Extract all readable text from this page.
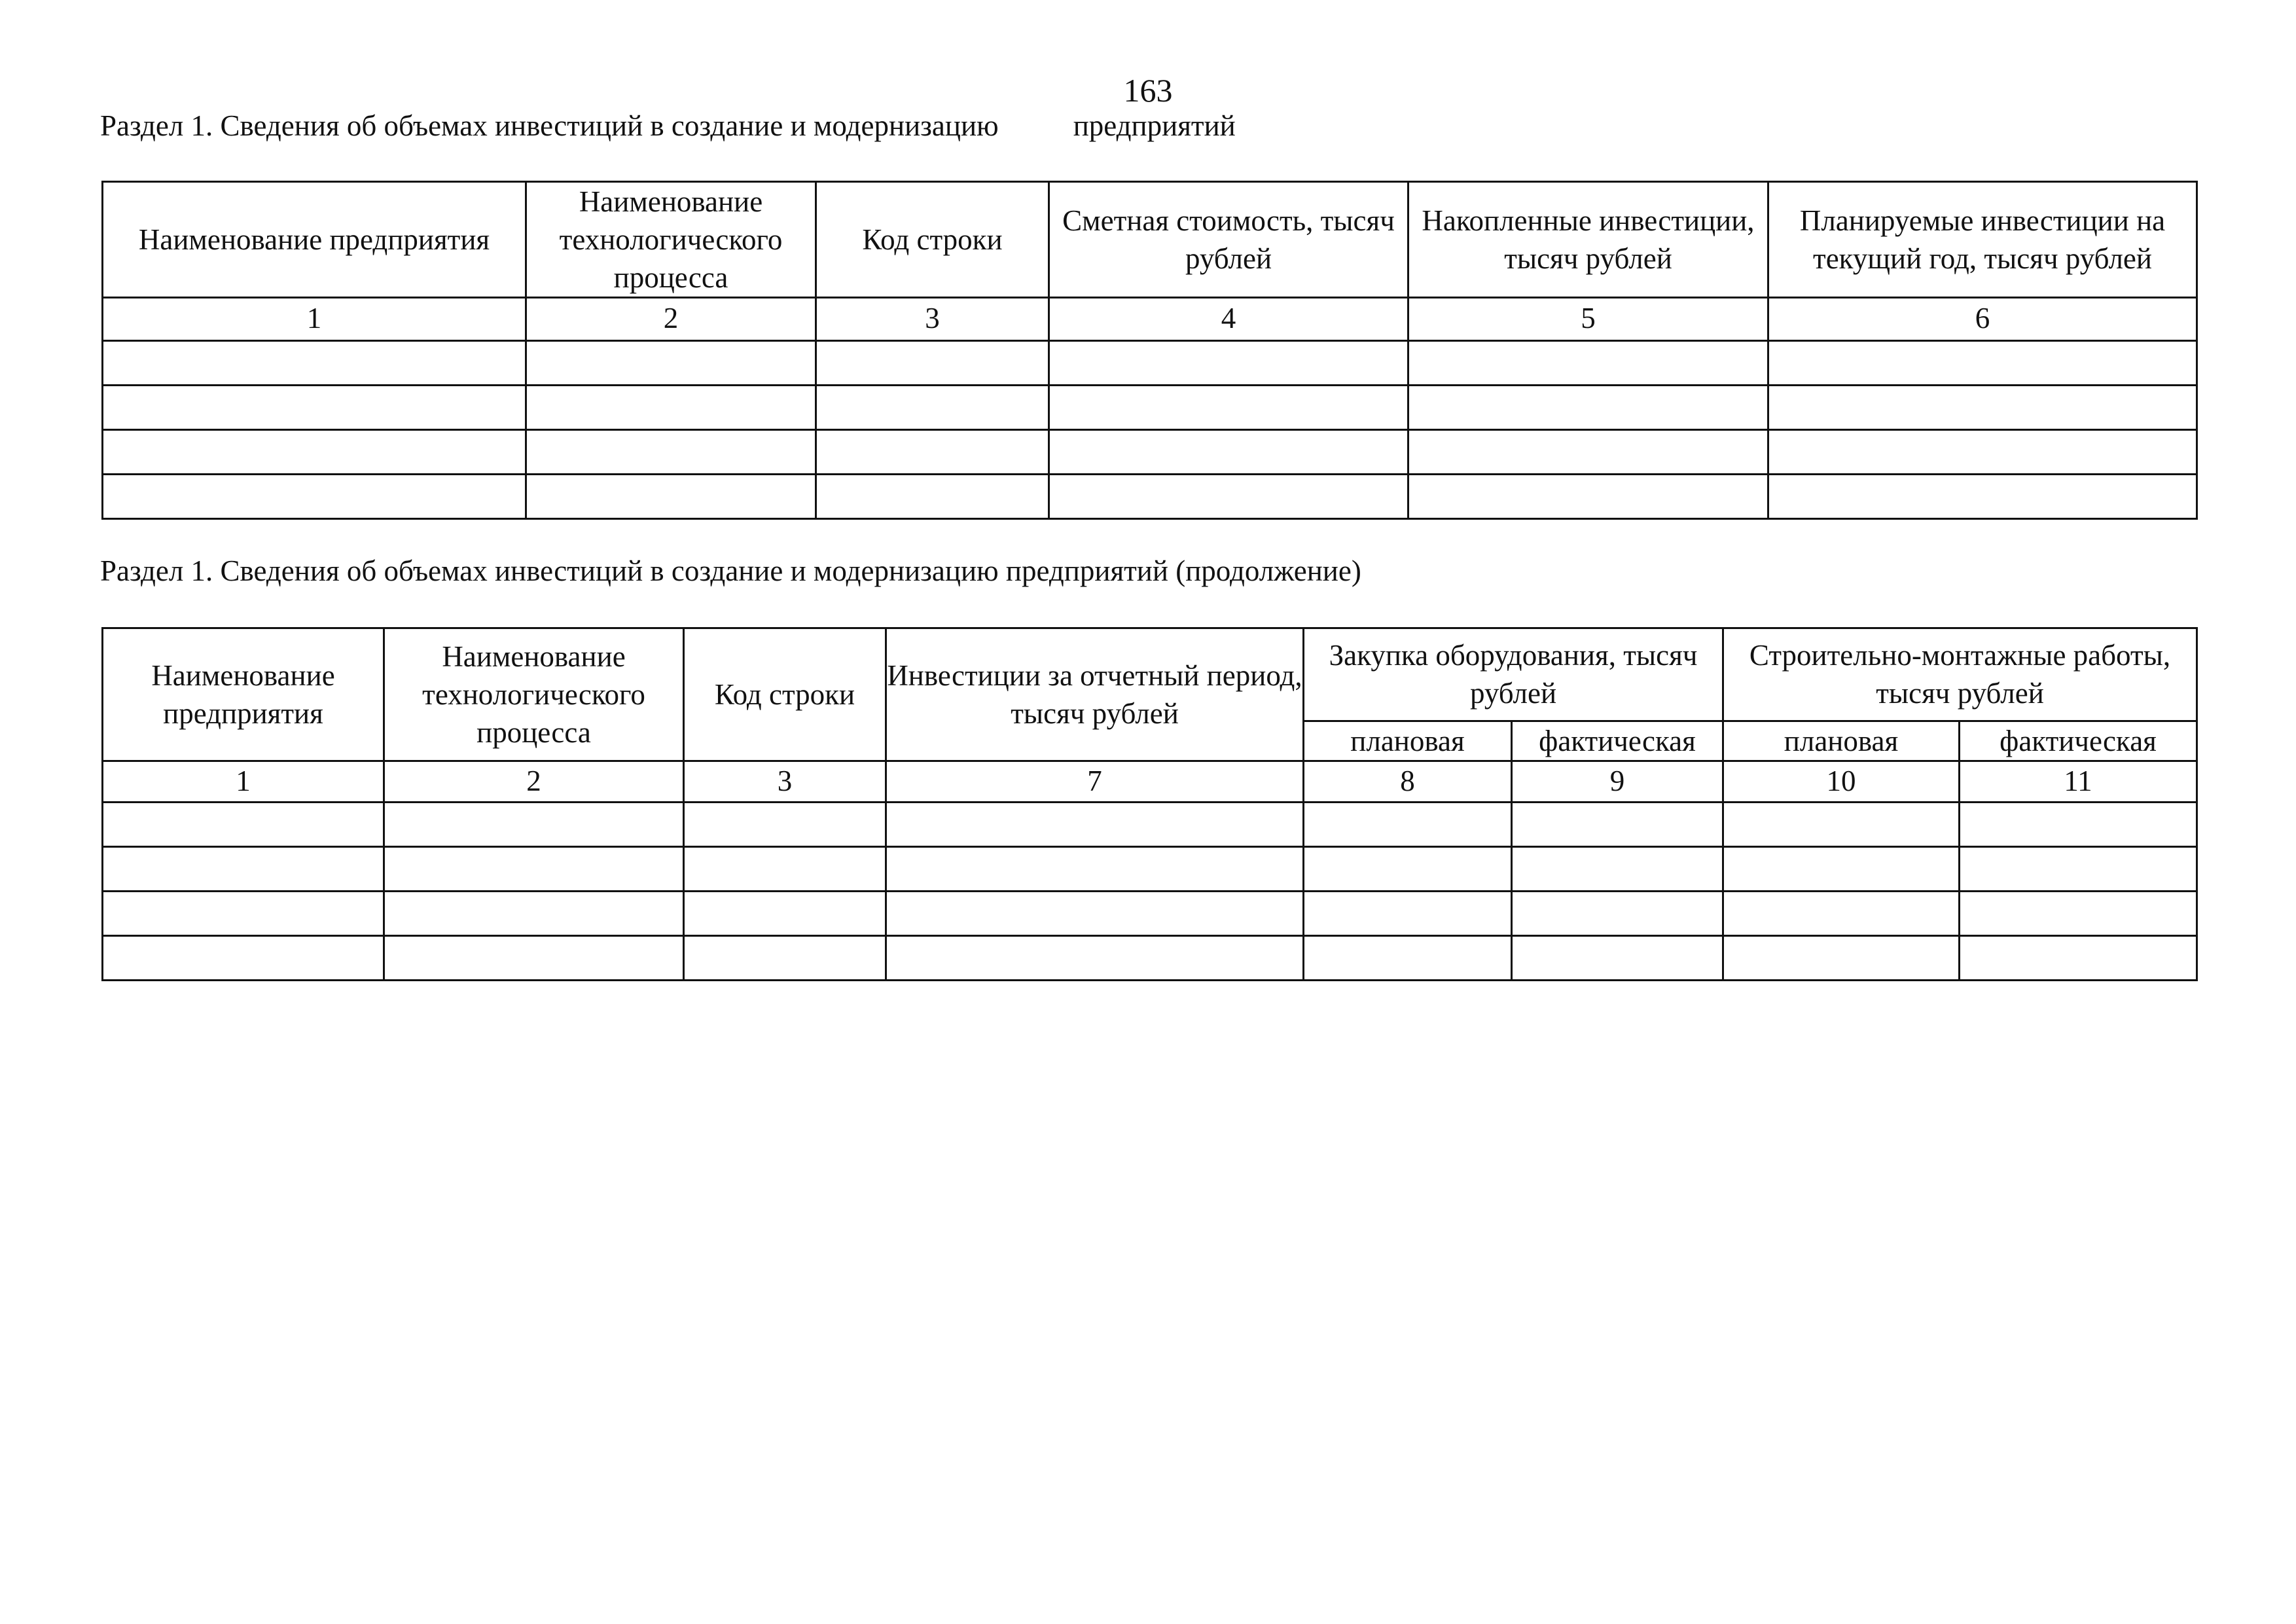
163
Раздел 1. Сведения об объемах инвестиций в создание и модернизацию	предприятий
Наименование предприятия	Наименование технологического процесса	Код строки	Сметная стоимость, тысяч рублей	Накопленные инвестиции, тысяч рублей	Планируемые инвестиции на текущий год, тысяч рублей
1	2	3	4	5	6

Раздел 1. Сведения об объемах инвестиций в создание и модернизацию предприятий (продолжение)
Наименование предприятия	Наименование технологического процесса	Код строки	Инвестиции за отчетный период, тысяч рублей	Закупка оборудования, тысяч рублей		Строительно-монтажные работы, тысяч рублей	
				плановая	фактическая	плановая	фактическая
1	2	3	7	8	9	10	11
